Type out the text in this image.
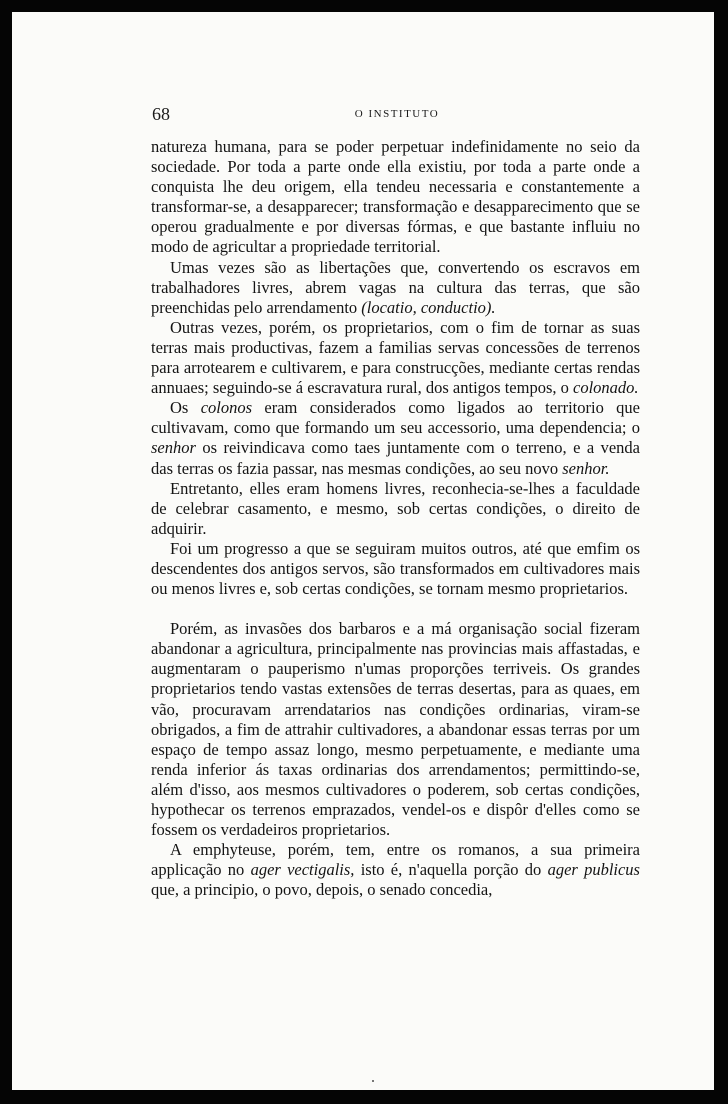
68	O INSTITUTO

natureza humana, para se poder perpetuar indefinidamente no seio da sociedade. Por toda a parte onde ella existiu, por toda a parte onde a conquista lhe deu origem, ella tendeu necessaria e constantemente a transformar-se, a desapparecer; transformação e desapparecimento que se operou gradualmente e por diversas fórmas, e que bastante influiu no modo de agricultar a propriedade territorial.

Umas vezes são as libertações que, convertendo os escravos em trabalhadores livres, abrem vagas na cultura das terras, que são preenchidas pelo arrendamento (locatio, conductio).

Outras vezes, porém, os proprietarios, com o fim de tornar as suas terras mais productivas, fazem a familias servas concessões de terrenos para arrotearem e cultivarem, e para construcções, mediante certas rendas annuaes; seguindo-se á escravatura rural, dos antigos tempos, o colonado.

Os colonos eram considerados como ligados ao territorio que cultivavam, como que formando um seu accessorio, uma dependencia; o senhor os reivindicava como taes juntamente com o terreno, e a venda das terras os fazia passar, nas mesmas condições, ao seu novo senhor.

Entretanto, elles eram homens livres, reconhecia-se-lhes a faculdade de celebrar casamento, e mesmo, sob certas condições, o direito de adquirir.

Foi um progresso a que se seguiram muitos outros, até que emfim os descendentes dos antigos servos, são transformados em cultivadores mais ou menos livres e, sob certas condições, se tornam mesmo proprietarios.

Porém, as invasões dos barbaros e a má organisação social fizeram abandonar a agricultura, principalmente nas provincias mais affastadas, e augmentaram o pauperismo n'umas proporções terriveis. Os grandes proprietarios tendo vastas extensões de terras desertas, para as quaes, em vão, procuravam arrendatarios nas condições ordinarias, viram-se obrigados, a fim de attrahir cultivadores, a abandonar essas terras por um espaço de tempo assaz longo, mesmo perpetuamente, e mediante uma renda inferior ás taxas ordinarias dos arrendamentos; permittindo-se, além d'isso, aos mesmos cultivadores o poderem, sob certas condições, hypothecar os terrenos emprazados, vendel-os e dispôr d'elles como se fossem os verdadeiros proprietarios.

A emphyteuse, porém, tem, entre os romanos, a sua primeira applicação no ager vectigalis, isto é, n'aquella porção do ager publicus que, a principio, o povo, depois, o senado concedia,
